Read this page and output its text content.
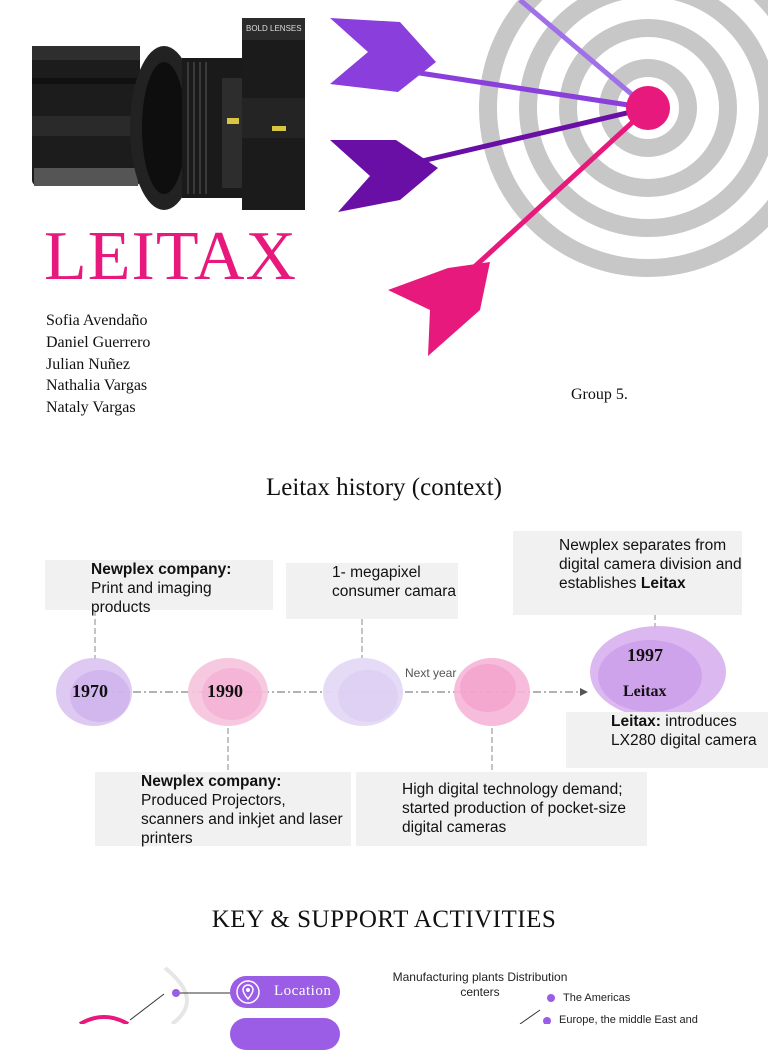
BOLD LENSES
LEITAX
Sofia Avendaño
Daniel Guerrero
Julian Nuñez
Nathalia Vargas
Nataly Vargas
Group 5.
Leitax history (context)
1970	1990
1997
Leitax
Next year
Newplex company:
Print and imaging products
1- megapixel consumer camara
Newplex separates from digital camera division and establishes Leitax
Leitax: introduces LX280 digital camera
Newplex company:
Produced Projectors, scanners and inkjet and laser printers
High digital technology demand; started production of pocket-size digital cameras
KEY & SUPPORT ACTIVITIES
Location
Manufacturing plants Distribution centers	The Americas
Europe, the middle East and
